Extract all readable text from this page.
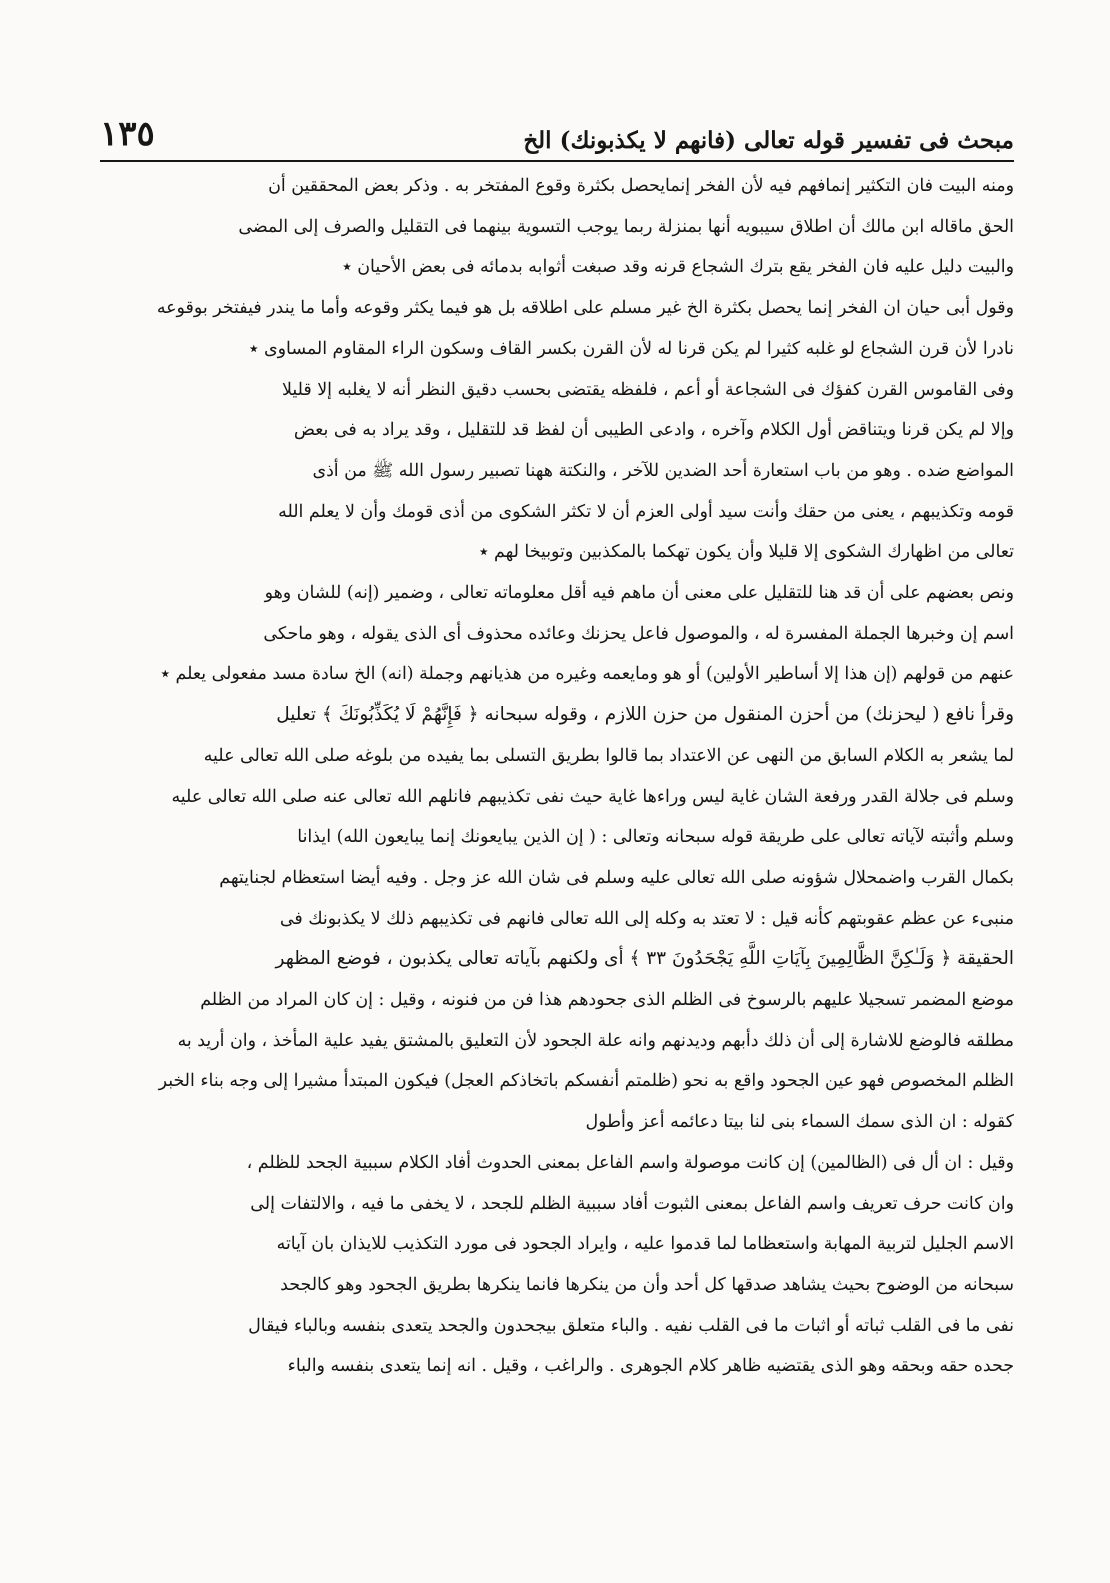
مبحث فى تفسير قوله تعالى (فانهم لا يكذبونك) الخ
١٣٥
ومنه البيت فان التكثير إنمافهم فيه لأن الفخر إنمايحصل بكثرة وقوع المفتخر به . وذكر بعض المحققين أن
الحق ماقاله ابن مالك أن اطلاق سيبويه أنها بمنزلة ربما يوجب التسوية بينهما فى التقليل والصرف إلى المضى
والبيت دليل عليه فان الفخر يقع بترك الشجاع قرنه وقد صبغت أثوابه بدمائه فى بعض الأحيان ٭
وقول أبى حيان ان الفخر إنما يحصل بكثرة الخ غير مسلم على اطلاقه بل هو فيما يكثر وقوعه وأما ما يندر فيفتخر بوقوعه
نادرا لأن قرن الشجاع لو غلبه كثيرا لم يكن قرنا له لأن القرن بكسر القاف وسكون الراء المقاوم المساوى ٭
وفى القاموس القرن كفؤك فى الشجاعة أو أعم ، فلفظه يقتضى بحسب دقيق النظر أنه لا يغلبه إلا قليلا
وإلا لم يكن قرنا ويتناقض أول الكلام وآخره ، وادعى الطيبى أن لفظ قد للتقليل ، وقد يراد به فى بعض
المواضع ضده . وهو من باب استعارة أحد الضدين للآخر ، والنكتة ههنا تصبير رسول الله ﷺ من أذى
قومه وتكذيبهم ، يعنى من حقك وأنت سيد أولى العزم أن لا تكثر الشكوى من أذى قومك وأن لا يعلم الله
تعالى من اظهارك الشكوى إلا قليلا وأن يكون تهكما بالمكذبين وتوبيخا لهم ٭
ونص بعضهم على أن قد هنا للتقليل على معنى أن ماهم فيه أقل معلوماته تعالى ، وضمير (إنه) للشان وهو
اسم إن وخبرها الجملة المفسرة له ، والموصول فاعل يحزنك وعائده محذوف أى الذى يقوله ، وهو ماحكى
عنهم من قولهم (إن هذا إلا أساطير الأولين) أو هو ومايعمه وغيره من هذيانهم وجملة (انه) الخ سادة مسد مفعولى يعلم ٭
وقرأ نافع ( ليحزنك) من أحزن المنقول من حزن اللازم ، وقوله سبحانه ﴿ فَإِنَّهُمْ لَا يُكَذِّبُونَكَ ﴾ تعليل
لما يشعر به الكلام السابق من النهى عن الاعتداد بما قالوا بطريق التسلى بما يفيده من بلوغه صلى الله تعالى عليه
وسلم فى جلالة القدر ورفعة الشان غاية ليس وراءها غاية حيث نفى تكذيبهم فانلهم الله تعالى عنه صلى الله تعالى عليه
وسلم وأثبته لآياته تعالى على طريقة قوله سبحانه وتعالى : ( إن الذين يبايعونك إنما يبايعون الله) ايذانا
بكمال القرب واضمحلال شؤونه صلى الله تعالى عليه وسلم فى شان الله عز وجل . وفيه أيضا استعظام لجنايتهم
منبىء عن عظم عقوبتهم كأنه قيل : لا تعتد به وكله إلى الله تعالى فانهم فى تكذيبهم ذلك لا يكذبونك فى
الحقيقة ﴿ وَلَـٰكِنَّ الظَّالِمِينَ بِآيَاتِ اللَّهِ يَجْحَدُونَ ٣٣ ﴾ أى ولكنهم بآياته تعالى يكذبون ، فوضع المظهر
موضع المضمر تسجيلا عليهم بالرسوخ فى الظلم الذى جحودهم هذا فن من فنونه ، وقيل : إن كان المراد من الظلم
مطلقه فالوضع للاشارة إلى أن ذلك دأبهم وديدنهم وانه علة الجحود لأن التعليق بالمشتق يفيد علية المأخذ ، وان أريد به
الظلم المخصوص فهو عين الجحود واقع به نحو (ظلمتم أنفسكم باتخاذكم العجل) فيكون المبتدأ مشيرا إلى وجه بناء الخبر
كقوله : ان الذى سمك السماء بنى لنا بيتا دعائمه أعز وأطول
وقيل : ان أل فى (الظالمين) إن كانت موصولة واسم الفاعل بمعنى الحدوث أفاد الكلام سببية الجحد للظلم ،
وان كانت حرف تعريف واسم الفاعل بمعنى الثبوت أفاد سببية الظلم للجحد ، لا يخفى ما فيه ، والالتفات إلى
الاسم الجليل لتربية المهابة واستعظاما لما قدموا عليه ، وايراد الجحود فى مورد التكذيب للايذان بان آياته
سبحانه من الوضوح بحيث يشاهد صدقها كل أحد وأن من ينكرها فانما ينكرها بطريق الجحود وهو كالجحد
نفى ما فى القلب ثباته أو اثبات ما فى القلب نفيه . والباء متعلق بيجحدون والجحد يتعدى بنفسه وبالباء فيقال
جحده حقه وبحقه وهو الذى يقتضيه ظاهر كلام الجوهرى . والراغب ، وقيل . انه إنما يتعدى بنفسه والباء
